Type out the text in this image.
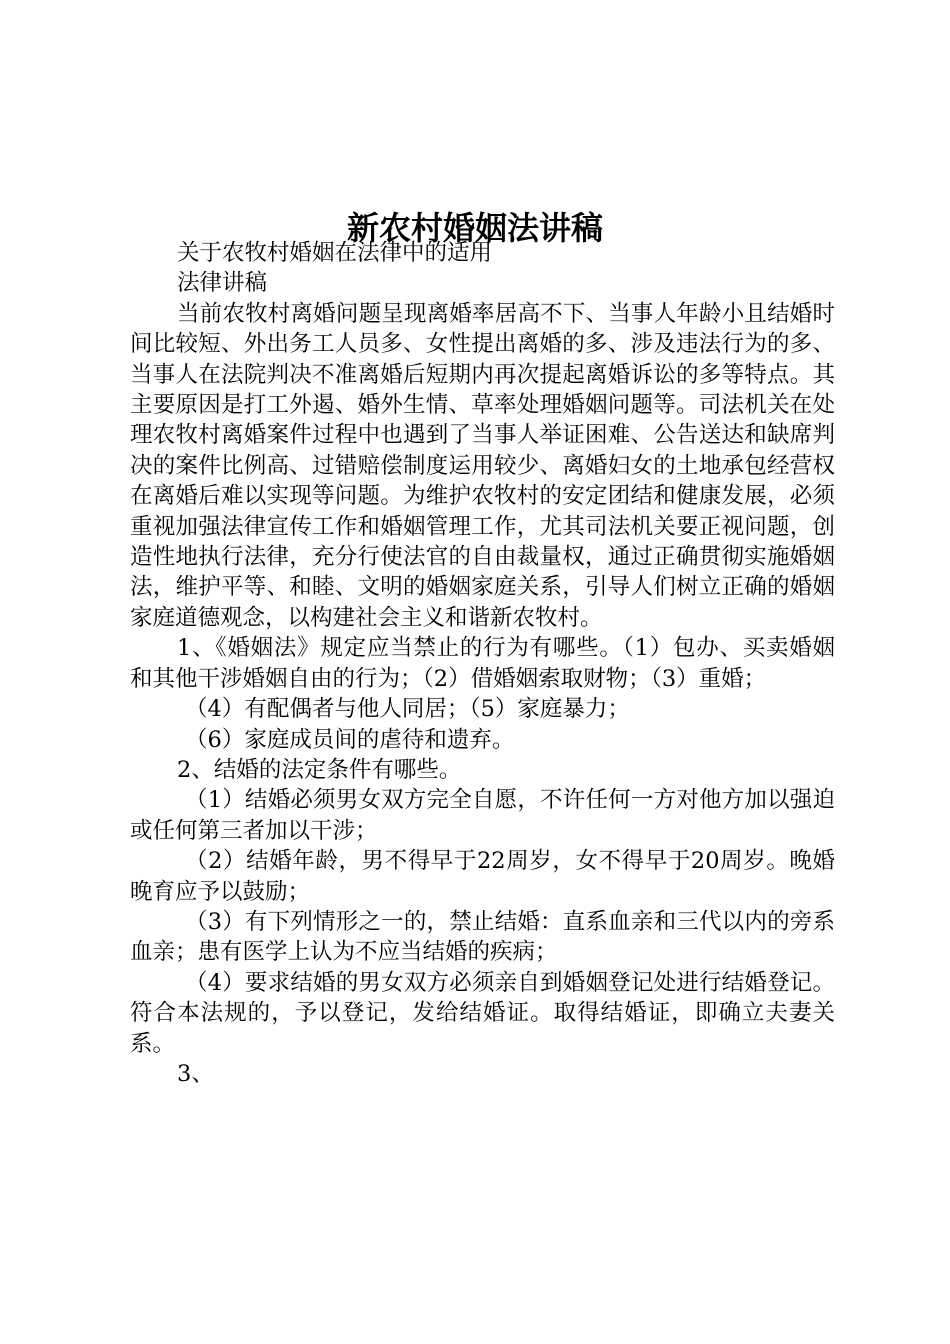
新农村婚姻法讲稿

关于农牧村婚姻在法律中的适用

法律讲稿

当前农牧村离婚问题呈现离婚率居高不下、当事人年龄小且结婚时间比较短、外出务工人员多、女性提出离婚的多、涉及违法行为的多、当事人在法院判决不准离婚后短期内再次提起离婚诉讼的多等特点。其主要原因是打工外遏、婚外生情、草率处理婚姻问题等。司法机关在处理农牧村离婚案件过程中也遇到了当事人举证困难、公告送达和缺席判决的案件比例高、过错赔偿制度运用较少、离婚妇女的土地承包经营权在离婚后难以实现等问题。为维护农牧村的安定团结和健康发展，必须重视加强法律宣传工作和婚姻管理工作，尤其司法机关要正视问题，创造性地执行法律，充分行使法官的自由裁量权，通过正确贯彻实施婚姻法，维护平等、和睦、文明的婚姻家庭关系，引导人们树立正确的婚姻家庭道德观念，以构建社会主义和谐新农牧村。

1、《婚姻法》规定应当禁止的行为有哪些。（1）包办、买卖婚姻和其他干涉婚姻自由的行为；（2）借婚姻索取财物；（3）重婚；

（4）有配偶者与他人同居；（5）家庭暴力；

（6）家庭成员间的虐待和遗弃。

2、结婚的法定条件有哪些。

（1）结婚必须男女双方完全自愿，不许任何一方对他方加以强迫或任何第三者加以干涉；

（2）结婚年龄，男不得早于22周岁，女不得早于20周岁。晚婚晚育应予以鼓励；

（3）有下列情形之一的，禁止结婚：直系血亲和三代以内的旁系血亲；患有医学上认为不应当结婚的疾病；

（4）要求结婚的男女双方必须亲自到婚姻登记处进行结婚登记。符合本法规的，予以登记，发给结婚证。取得结婚证，即确立夫妻关系。

3、
